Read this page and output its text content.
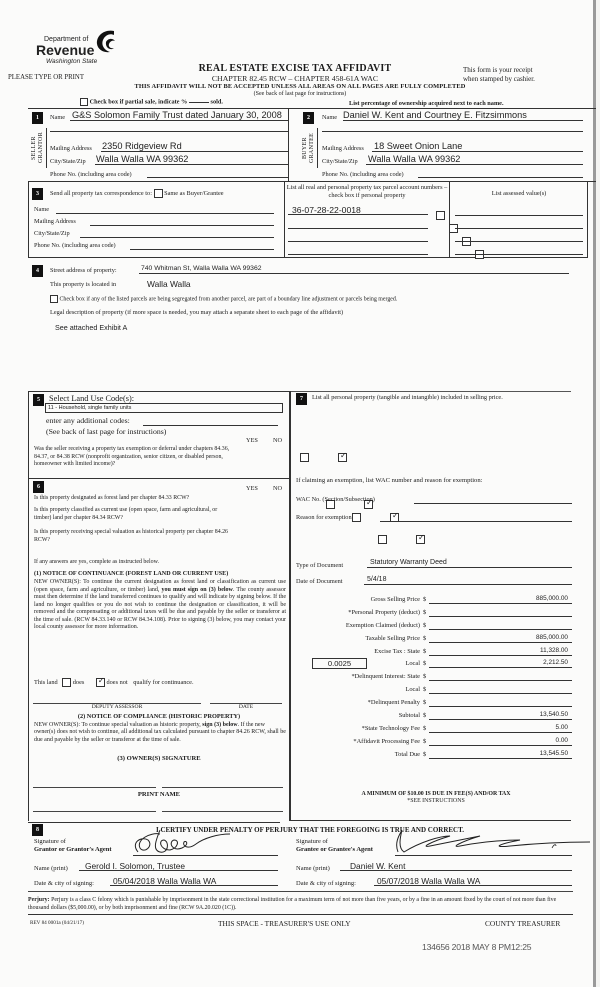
Department of
Revenue
Washington State
PLEASE TYPE OR PRINT
REAL ESTATE EXCISE TAX AFFIDAVIT
CHAPTER 82.45 RCW – CHAPTER 458-61A WAC
This form is your receipt
when stamped by cashier.
THIS AFFIDAVIT WILL NOT BE ACCEPTED UNLESS ALL AREAS ON ALL PAGES ARE FULLY COMPLETED
(See back of last page for instructions)
Check box if partial sale, indicate %	sold.	List percentage of ownership acquired next to each name.
1
SELLER GRANTOR
Name G&S Solomon Family Trust dated January 30, 2008
Mailing Address 2350 Ridgeview Rd
City/State/Zip Walla Walla WA 99362
Phone No. (including area code)
2
BUYER GRANTEE
Name Daniel W. Kent and Courtney E. Fitzsimmons
Mailing Address 18 Sweet Onion Lane
City/State/Zip Walla Walla WA 99362
Phone No. (including area code)
3	Send all property tax correspondence to: Same as Buyer/Grantee
Name
Mailing Address
City/State/Zip
Phone No. (including area code)
List all real and personal property tax parcel account numbers – check box if personal property	List assessed value(s)
36-07-28-22-0018

4	Street address of property:	740 Whitman St, Walla Walla WA 99362
This property is located in	Walla Walla
Check box if any of the listed parcels are being segregated from another parcel, are part of a boundary line adjustment or parcels being merged.
Legal description of property (if more space is needed, you may attach a separate sheet to each page of the affidavit)
See attached Exhibit A
5	Select Land Use Code(s):
11 - Household, single family units
enter any additional codes:
(See back of last page for instructions)
YES NO
Was the seller receiving a property tax exemption or deferral under chapters 84.36, 84.37, or 84.38 RCW (nonprofit organization, senior citizen, or disabled person, homeowner with limited income)?
✓
6	YES NO
Is this property designated as forest land per chapter 84.33 RCW?
✓
Is this property classified as current use (open space, farm and agricultural, or timber) land per chapter 84.34 RCW?
✓
Is this property receiving special valuation as historical property per chapter 84.26 RCW?
✓
If any answers are yes, complete as instructed below.
(1) NOTICE OF CONTINUANCE (FOREST LAND OR CURRENT USE)
NEW OWNER(S): To continue the current designation as forest land or classification as current use (open space, farm and agriculture, or timber) land, you must sign on (3) below. The county assessor must then determine if the land transferred continues to qualify and will indicate by signing below. If the land no longer qualifies or you do not wish to continue the designation or classification, it will be removed and the compensating or additional taxes will be due and payable by the seller or transferor at the time of sale. (RCW 84.33.140 or RCW 84.34.108). Prior to signing (3) below, you may contact your local county assessor for more information.
This land does ✓	does not qualify for continuance.
DEPUTY ASSESSOR	DATE
(2) NOTICE OF COMPLIANCE (HISTORIC PROPERTY)
NEW OWNER(S): To continue special valuation as historic property, sign (3) below. If the new owner(s) does not wish to continue, all additional tax calculated pursuant to chapter 84.26 RCW, shall be due and payable by the seller or transferor at the time of sale.
(3) OWNER(S) SIGNATURE
PRINT NAME
7	List all personal property (tangible and intangible) included in selling price.
If claiming an exemption, list WAC number and reason for exemption:
WAC No. (Section/Subsection)
Reason for exemption
Type of Document	Statutory Warranty Deed
Date of Document	5/4/18
Gross Selling Price $	885,000.00
*Personal Property (deduct) $
Exemption Claimed (deduct) $
Taxable Selling Price $	885,000.00
Excise Tax : State $	11,328.00
0.0025	Local $	2,212.50
*Delinquent Interest: State $
Local $
*Delinquent Penalty $
Subtotal $	13,540.50
*State Technology Fee $	5.00
*Affidavit Processing Fee $	0.00
Total Due $	13,545.50
A MINIMUM OF $10.00 IS DUE IN FEE(S) AND/OR TAX
*SEE INSTRUCTIONS
8	I CERTIFY UNDER PENALTY OF PERJURY THAT THE FOREGOING IS TRUE AND CORRECT.
Signature of
Grantor or Grantor's Agent
Name (print)	Gerold I. Solomon, Trustee
Date & city of signing:	05/04/2018 Walla Walla WA
Signature of
Grantee or Grantee's Agent
Name (print)	Daniel W. Kent
Date & city of signing:	05/07/2018 Walla Walla WA
Perjury: Perjury is a class C felony which is punishable by imprisonment in the state correctional institution for a maximum term of not more than five years, or by a fine in an amount fixed by the court of not more than five thousand dollars ($5,000.00), or by both imprisonment and fine (RCW 9A.20.020 (1C)).
REV 84 0001a (04/21/17)	THIS SPACE - TREASURER'S USE ONLY	COUNTY TREASURER
134656 2018 MAY 8 PM12:25
